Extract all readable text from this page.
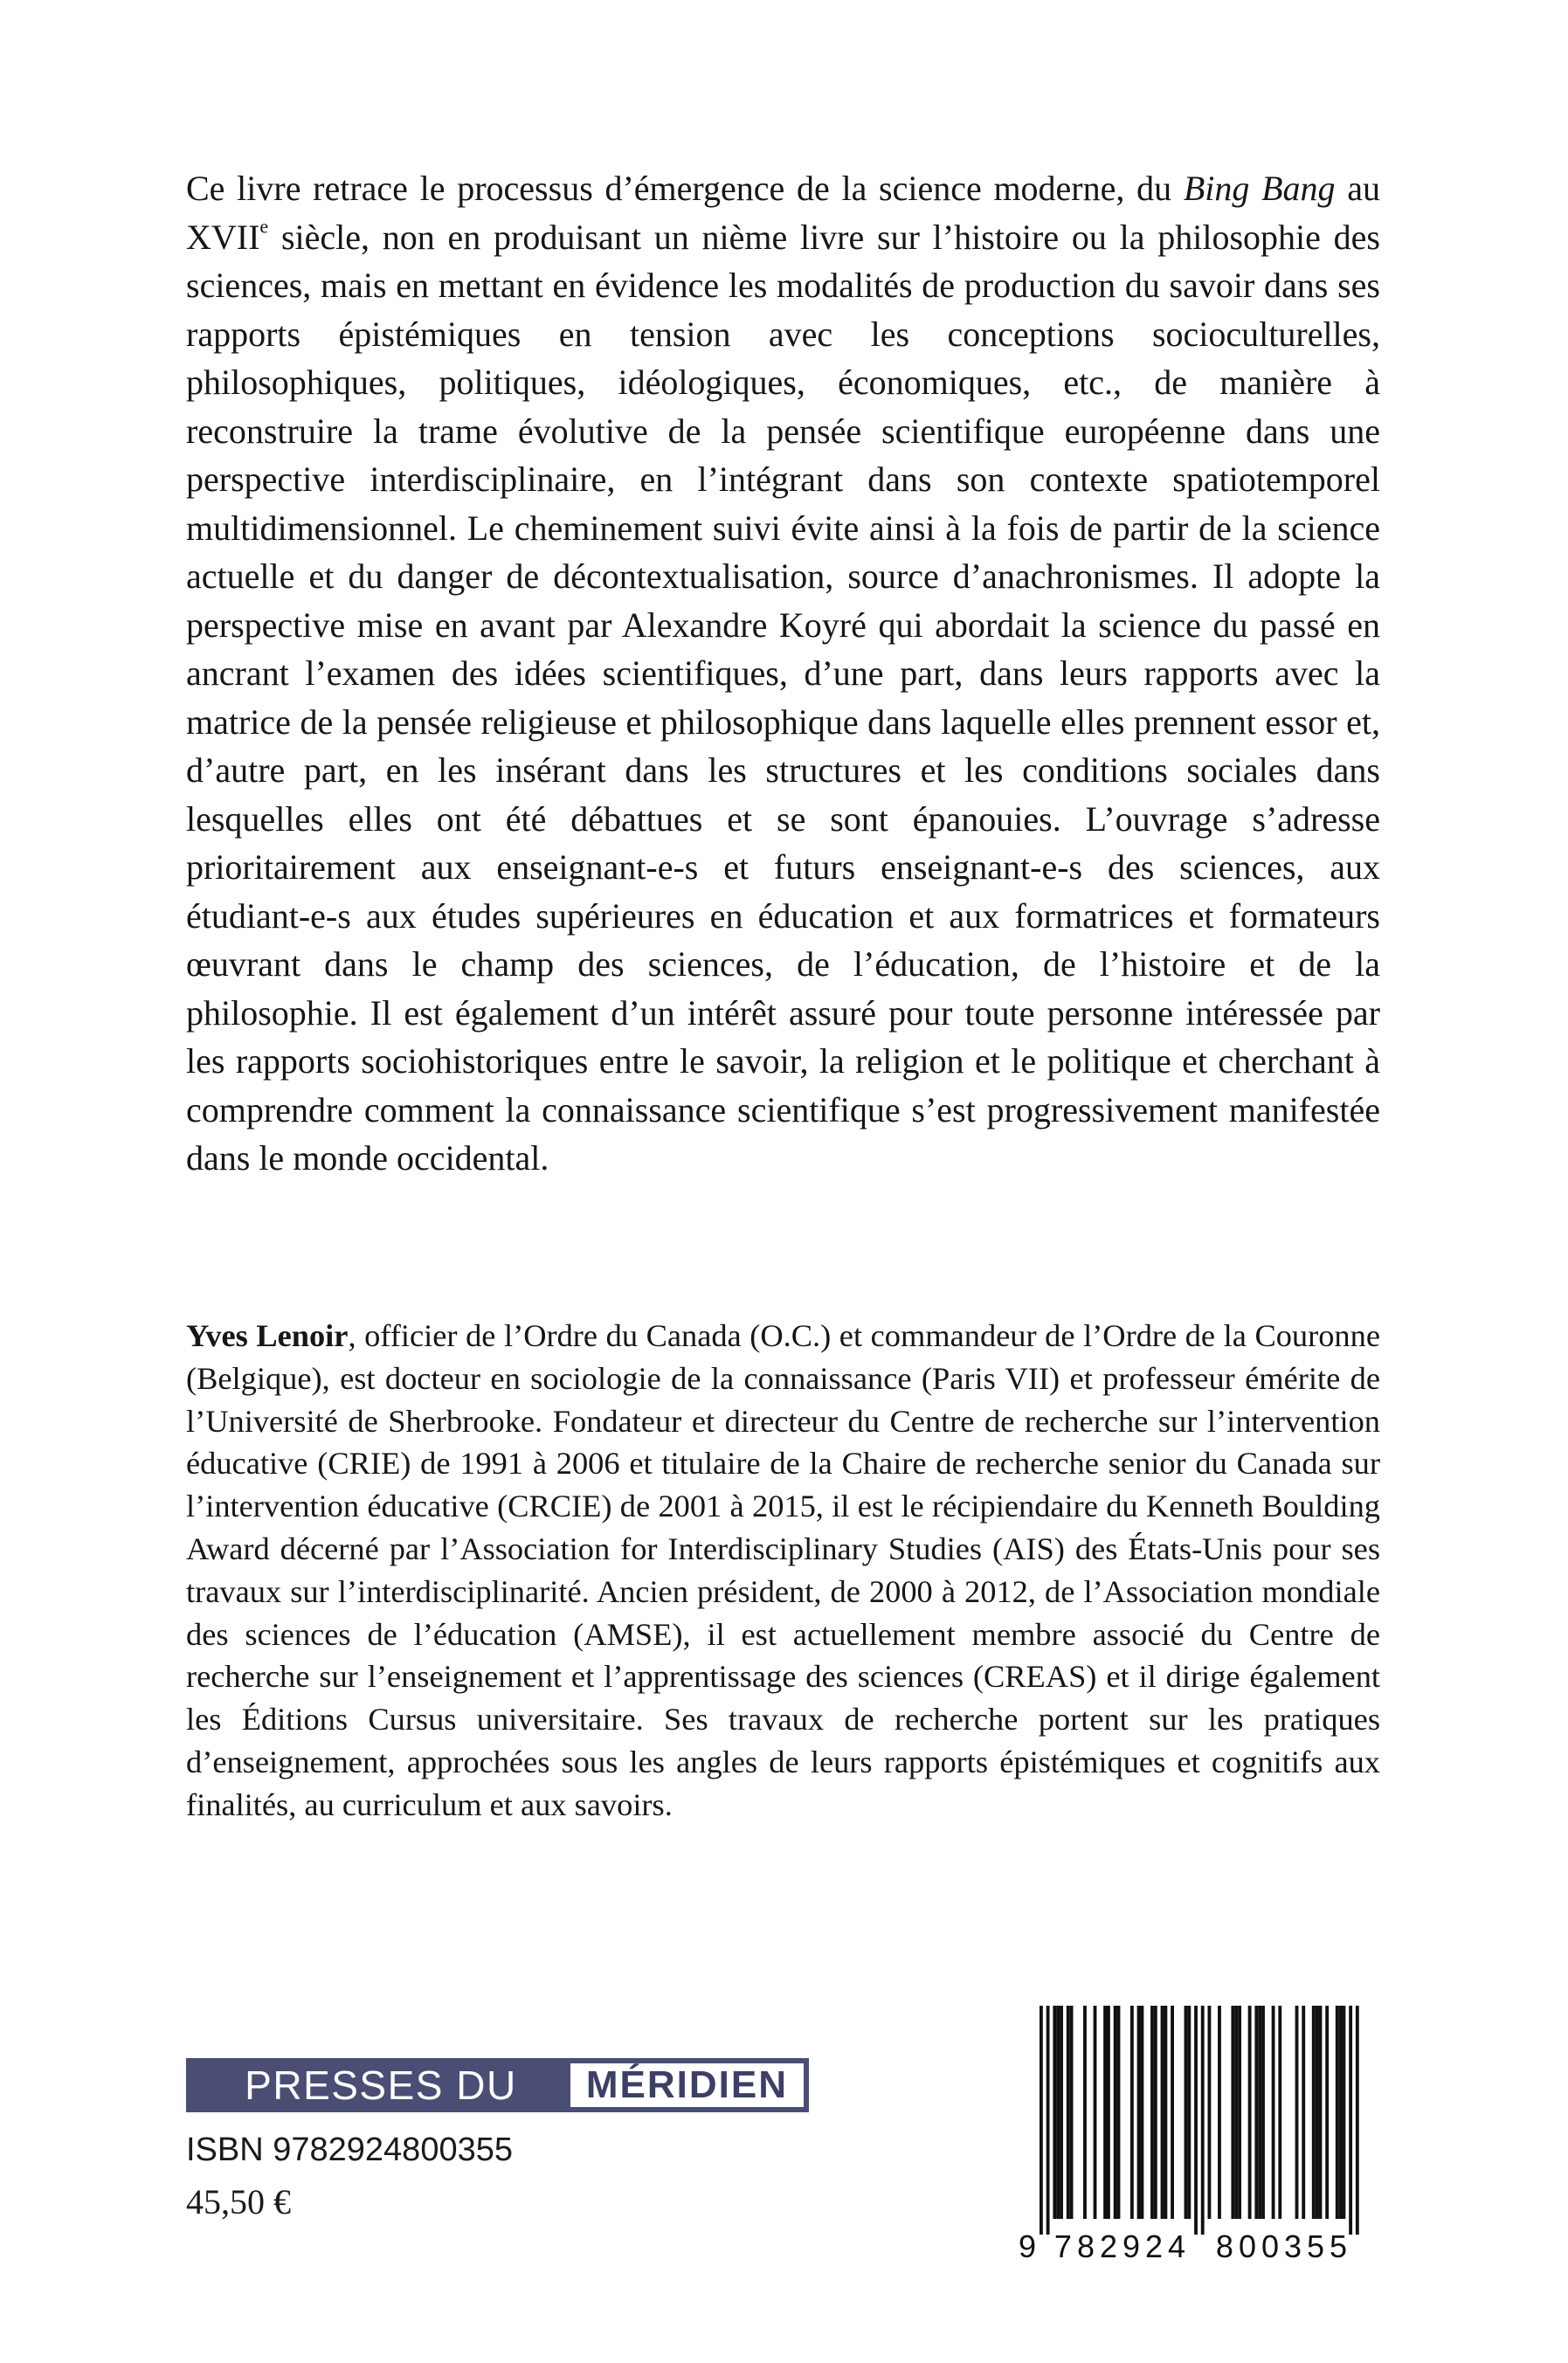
Ce livre retrace le processus d’émergence de la science moderne, du Bing Bang au XVIIe siècle, non en produisant un nième livre sur l’histoire ou la philosophie des sciences, mais en mettant en évidence les modalités de production du savoir dans ses rapports épistémiques en tension avec les conceptions socioculturelles, philosophiques, politiques, idéologiques, économiques, etc., de manière à reconstruire la trame évolutive de la pensée scientifique européenne dans une perspective interdisciplinaire, en l’intégrant dans son contexte spatiotemporel multidimensionnel. Le cheminement suivi évite ainsi à la fois de partir de la science actuelle et du danger de décontextualisation, source d’anachronismes. Il adopte la perspective mise en avant par Alexandre Koyré qui abordait la science du passé en ancrant l’examen des idées scientifiques, d’une part, dans leurs rapports avec la matrice de la pensée religieuse et philosophique dans laquelle elles prennent essor et, d’autre part, en les insérant dans les structures et les conditions sociales dans lesquelles elles ont été débattues et se sont épanouies. L’ouvrage s’adresse prioritairement aux enseignant-e-s et futurs enseignant-e-s des sciences, aux étudiant-e-s aux études supérieures en éducation et aux formatrices et formateurs œuvrant dans le champ des sciences, de l’éducation, de l’histoire et de la philosophie. Il est également d’un intérêt assuré pour toute personne intéressée par les rapports sociohistoriques entre le savoir, la religion et le politique et cherchant à comprendre comment la connaissance scientifique s’est progressivement manifestée dans le monde occidental.
Yves Lenoir, officier de l’Ordre du Canada (O.C.) et commandeur de l’Ordre de la Couronne (Belgique), est docteur en sociologie de la connaissance (Paris VII) et professeur émérite de l’Université de Sherbrooke. Fondateur et directeur du Centre de recherche sur l’intervention éducative (CRIE) de 1991 à 2006 et titulaire de la Chaire de recherche senior du Canada sur l’intervention éducative (CRCIE) de 2001 à 2015, il est le récipiendaire du Kenneth Boulding Award décerné par l’Association for Interdisciplinary Studies (AIS) des États-Unis pour ses travaux sur l’interdisciplinarité. Ancien président, de 2000 à 2012, de l’Association mondiale des sciences de l’éducation (AMSE), il est actuellement membre associé du Centre de recherche sur l’enseignement et l’apprentissage des sciences (CREAS) et il dirige également les Éditions Cursus universitaire. Ses travaux de recherche portent sur les pratiques d’enseignement, approchées sous les angles de leurs rapports épistémiques et cognitifs aux finalités, au curriculum et aux savoirs.
PRESSES DU	MÉRIDIEN
ISBN 9782924800355
45,50 €
9 782924 800355
